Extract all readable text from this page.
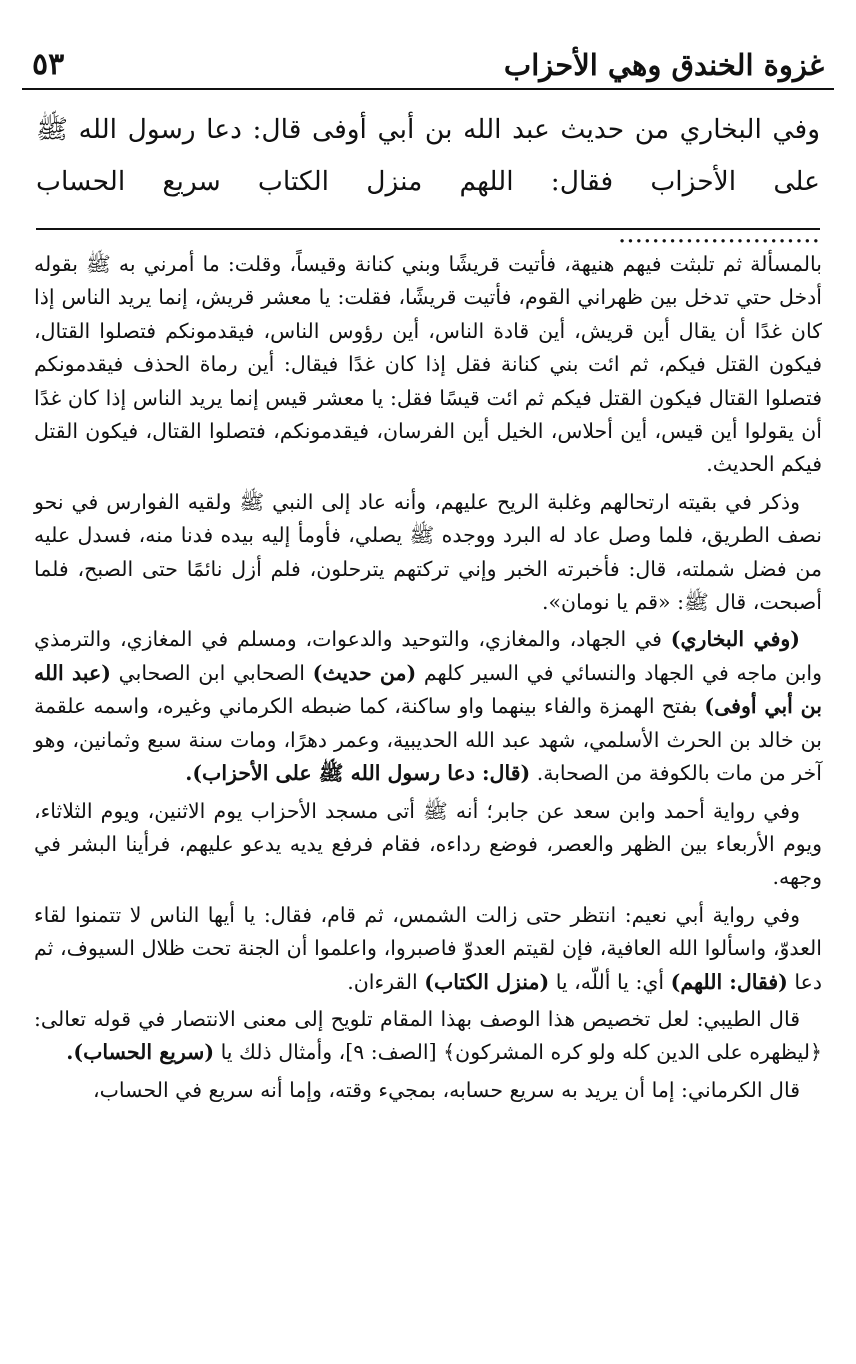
غزوة الخندق وهي الأحزاب
٥٣
وفي البخاري من حديث عبد الله بن أبي أوفى قال: دعا رسول الله ﷺ على الأحزاب فقال: اللهم منزل الكتاب سريع الحساب ........................

بالمسألة ثم تلبثت فيهم هنيهة، فأتيت قريشًا وبني كنانة وقيساً، وقلت: ما أمرني به ﷺ بقوله أدخل حتي تدخل بين ظهراني القوم، فأتيت قريشًا، فقلت: يا معشر قريش، إنما يريد الناس إذا كان غدًا أن يقال أين قريش، أين قادة الناس، أين رؤوس الناس، فيقدمونكم فتصلوا القتال، فيكون القتل فيكم، ثم ائت بني كنانة فقل إذا كان غدًا فيقال: أين رماة الحذف فيقدمونكم فتصلوا القتال فيكون القتل فيكم ثم ائت قيسًا فقل: يا معشر قيس إنما يريد الناس إذا كان غدًا أن يقولوا أين قيس، أين أحلاس، الخيل أين الفرسان، فيقدمونكم، فتصلوا القتال، فيكون القتل فيكم الحديث.

وذكر في بقيته ارتحالهم وغلبة الريح عليهم، وأنه عاد إلى النبي ﷺ ولقيه الفوارس في نحو نصف الطريق، فلما وصل عاد له البرد ووجده ﷺ يصلي، فأومأ إليه بيده فدنا منه، فسدل عليه من فضل شملته، قال: فأخبرته الخبر وإني تركتهم يترحلون، فلم أزل نائمًا حتى الصبح، فلما أصبحت، قال ﷺ: «قم يا نومان».

(وفي البخاري) في الجهاد، والمغازي، والتوحيد والدعوات، ومسلم في المغازي، والترمذي وابن ماجه في الجهاد والنسائي في السير كلهم (من حديث) الصحابي ابن الصحابي (عبد الله بن أبي أوفى) بفتح الهمزة والفاء بينهما واو ساكنة، كما ضبطه الكرماني وغيره، واسمه علقمة بن خالد بن الحرث الأسلمي، شهد عبد الله الحديبية، وعمر دهرًا، ومات سنة سبع وثمانين، وهو آخر من مات بالكوفة من الصحابة. (قال: دعا رسول الله ﷺ على الأحزاب).

وفي رواية أحمد وابن سعد عن جابر؛ أنه ﷺ أتى مسجد الأحزاب يوم الاثنين، ويوم الثلاثاء، ويوم الأربعاء بين الظهر والعصر، فوضع رداءه، فقام فرفع يديه يدعو عليهم، فرأينا البشر في وجهه.

وفي رواية أبي نعيم: انتظر حتى زالت الشمس، ثم قام، فقال: يا أيها الناس لا تتمنوا لقاء العدوّ، واسألوا الله العافية، فإن لقيتم العدوّ فاصبروا، واعلموا أن الجنة تحت ظلال السيوف، ثم دعا (فقال: اللهم) أي: يا أللّه، يا (منزل الكتاب) القرءان.

قال الطيبي: لعل تخصيص هذا الوصف بهذا المقام تلويح إلى معنى الانتصار في قوله تعالى: ﴿ليظهره على الدين كله ولو كره المشركون﴾ [الصف: ٩]، وأمثال ذلك يا (سريع الحساب).

قال الكرماني: إما أن يريد به سريع حسابه، بمجيء وقته، وإما أنه سريع في الحساب،
